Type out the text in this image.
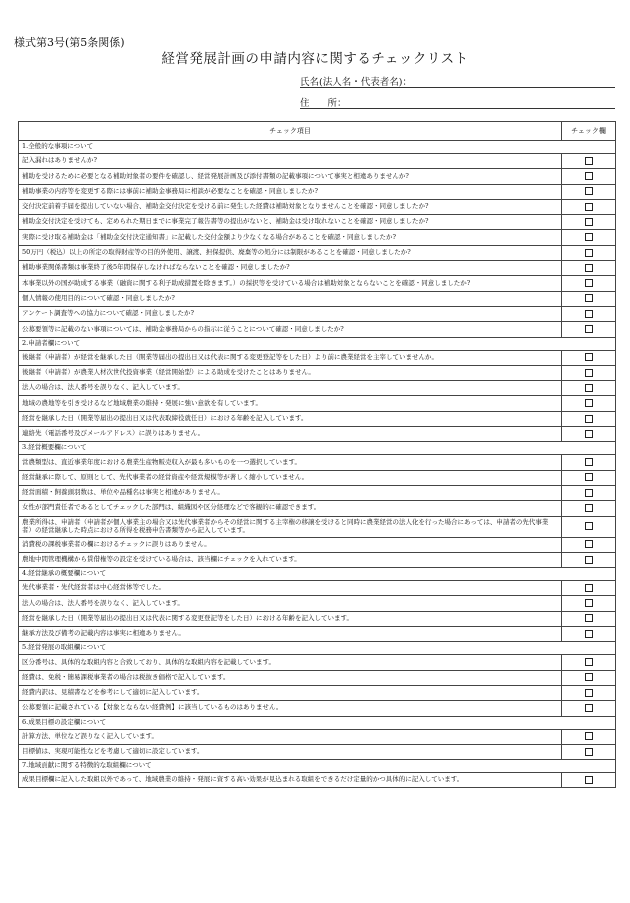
様式第3号(第5条関係)
経営発展計画の申請内容に関するチェックリスト
氏名(法人名・代表者名)：
住 所：
チェック項目	チェック欄
1.全般的な事項について	
記入漏れはありませんか?	
補助を受けるために必要となる補助対象者の要件を確認し、経営発展計画及び添付書類の記載事項について事実と相違ありませんか?	
補助事業の内容等を変更する際には事前に補助金事務局に相談が必要なことを確認・同意しましたか?	
交付決定前着手届を提出していない場合、補助金交付決定を受ける前に発生した経費は補助対象となりませんことを確認・同意しましたか?	
補助金交付決定を受けても、定められた期日までに事業完了報告書等の提出がないと、補助金は受け取れないことを確認・同意しましたか?	
実際に受け取る補助金は「補助金交付決定通知書」に記載した交付金額より少なくなる場合があることを確認・同意しましたか?	
50万円（税込）以上の所定の取得財産等の目的外使用、譲渡、担保提供、廃棄等の処分には制限があることを確認・同意しましたか?	
補助事業関係書類は事業終了後5年間保存しなければならないことを確認・同意しましたか?	
本事業以外の国が助成する事業（融資に関する利子助成措置を除きます。）の採択等を受けている場合は補助対象とならないことを確認・同意しましたか?	
個人情報の使用目的について確認・同意しましたか?	
アンケート調査等への協力について確認・同意しましたか?	
公募要領等に記載のない事項については、補助金事務局からの指示に従うことについて確認・同意しましたか?	
2.申請者欄について	
後継者（申請者）が経営を継承した日（開業等届出の提出日又は代表に関する変更登記等をした日）より前に農業経営を主宰していませんか。	
後継者（申請者）が農業人材次世代投資事業（経営開始型）による助成を受けたことはありません。	
法人の場合は、法人番号を誤りなく、記入しています。	
地域の農地等を引き受けるなど地域農業の維持・発展に強い意欲を有しています。	
経営を継承した日（開業等届出の提出日又は代表取締役就任日）における年齢を記入しています。	
連絡先（電話番号及びメールアドレス）に誤りはありません。	
3.経営概要欄について	
営農類型は、直近事業年度における農業生産物販売収入が最も多いものを一つ選択しています。	
経営継承に際して、原則として、先代事業者の経営資産や経営規模等が著しく縮小していません。	
経営面積・飼養頭羽数は、単位や品種名は事実と相違がありません。	
女性が部門責任者であるとしてチェックした部門は、組織図や区分経理などで客観的に確認できます。	
農業所得は、申請者（申請者が個人事業主の場合又は先代事業者からその経営に関する主宰権の移譲を受けると同時に農業経営の法人化を行った場合にあっては、申請者の先代事業者）の経営継承した時点における所得を税務申告書類等から記入しています。	
消費税の課税事業者の欄におけるチェックに誤りはありません。	
農地中間管理機構から賃借権等の設定を受けている場合は、該当欄にチェックを入れています。	
4.経営継承の概要欄について	
先代事業者・先代経営者は中心経営体等でした。	
法人の場合は、法人番号を誤りなく、記入しています。	
経営を継承した日（開業等届出の提出日又は代表に関する変更登記等をした日）における年齢を記入しています。	
継承方法及び備考の記載内容は事実に相違ありません。	
5.経営発展の取組欄について	
区分番号は、具体的な取組内容と合致しており、具体的な取組内容を記載しています。	
経費は、免税・簡易課税事業者の場合は税抜き価格で記入しています。	
経費内訳は、見積書などを参考にして適切に記入しています。	
公募要領に記載されている【対象とならない経費例】に該当しているものはありません。	
6.成果目標の設定欄について	
計算方法、単位など誤りなく記入しています。	
目標値は、実現可能性などを考慮して適切に設定しています。	
7.地域貢献に関する特徴的な取組欄について	
成果目標欄に記入した取組以外であって、地域農業の維持・発展に資する高い効果が見込まれる取組をできるだけ定量的かつ具体的に記入しています。	
